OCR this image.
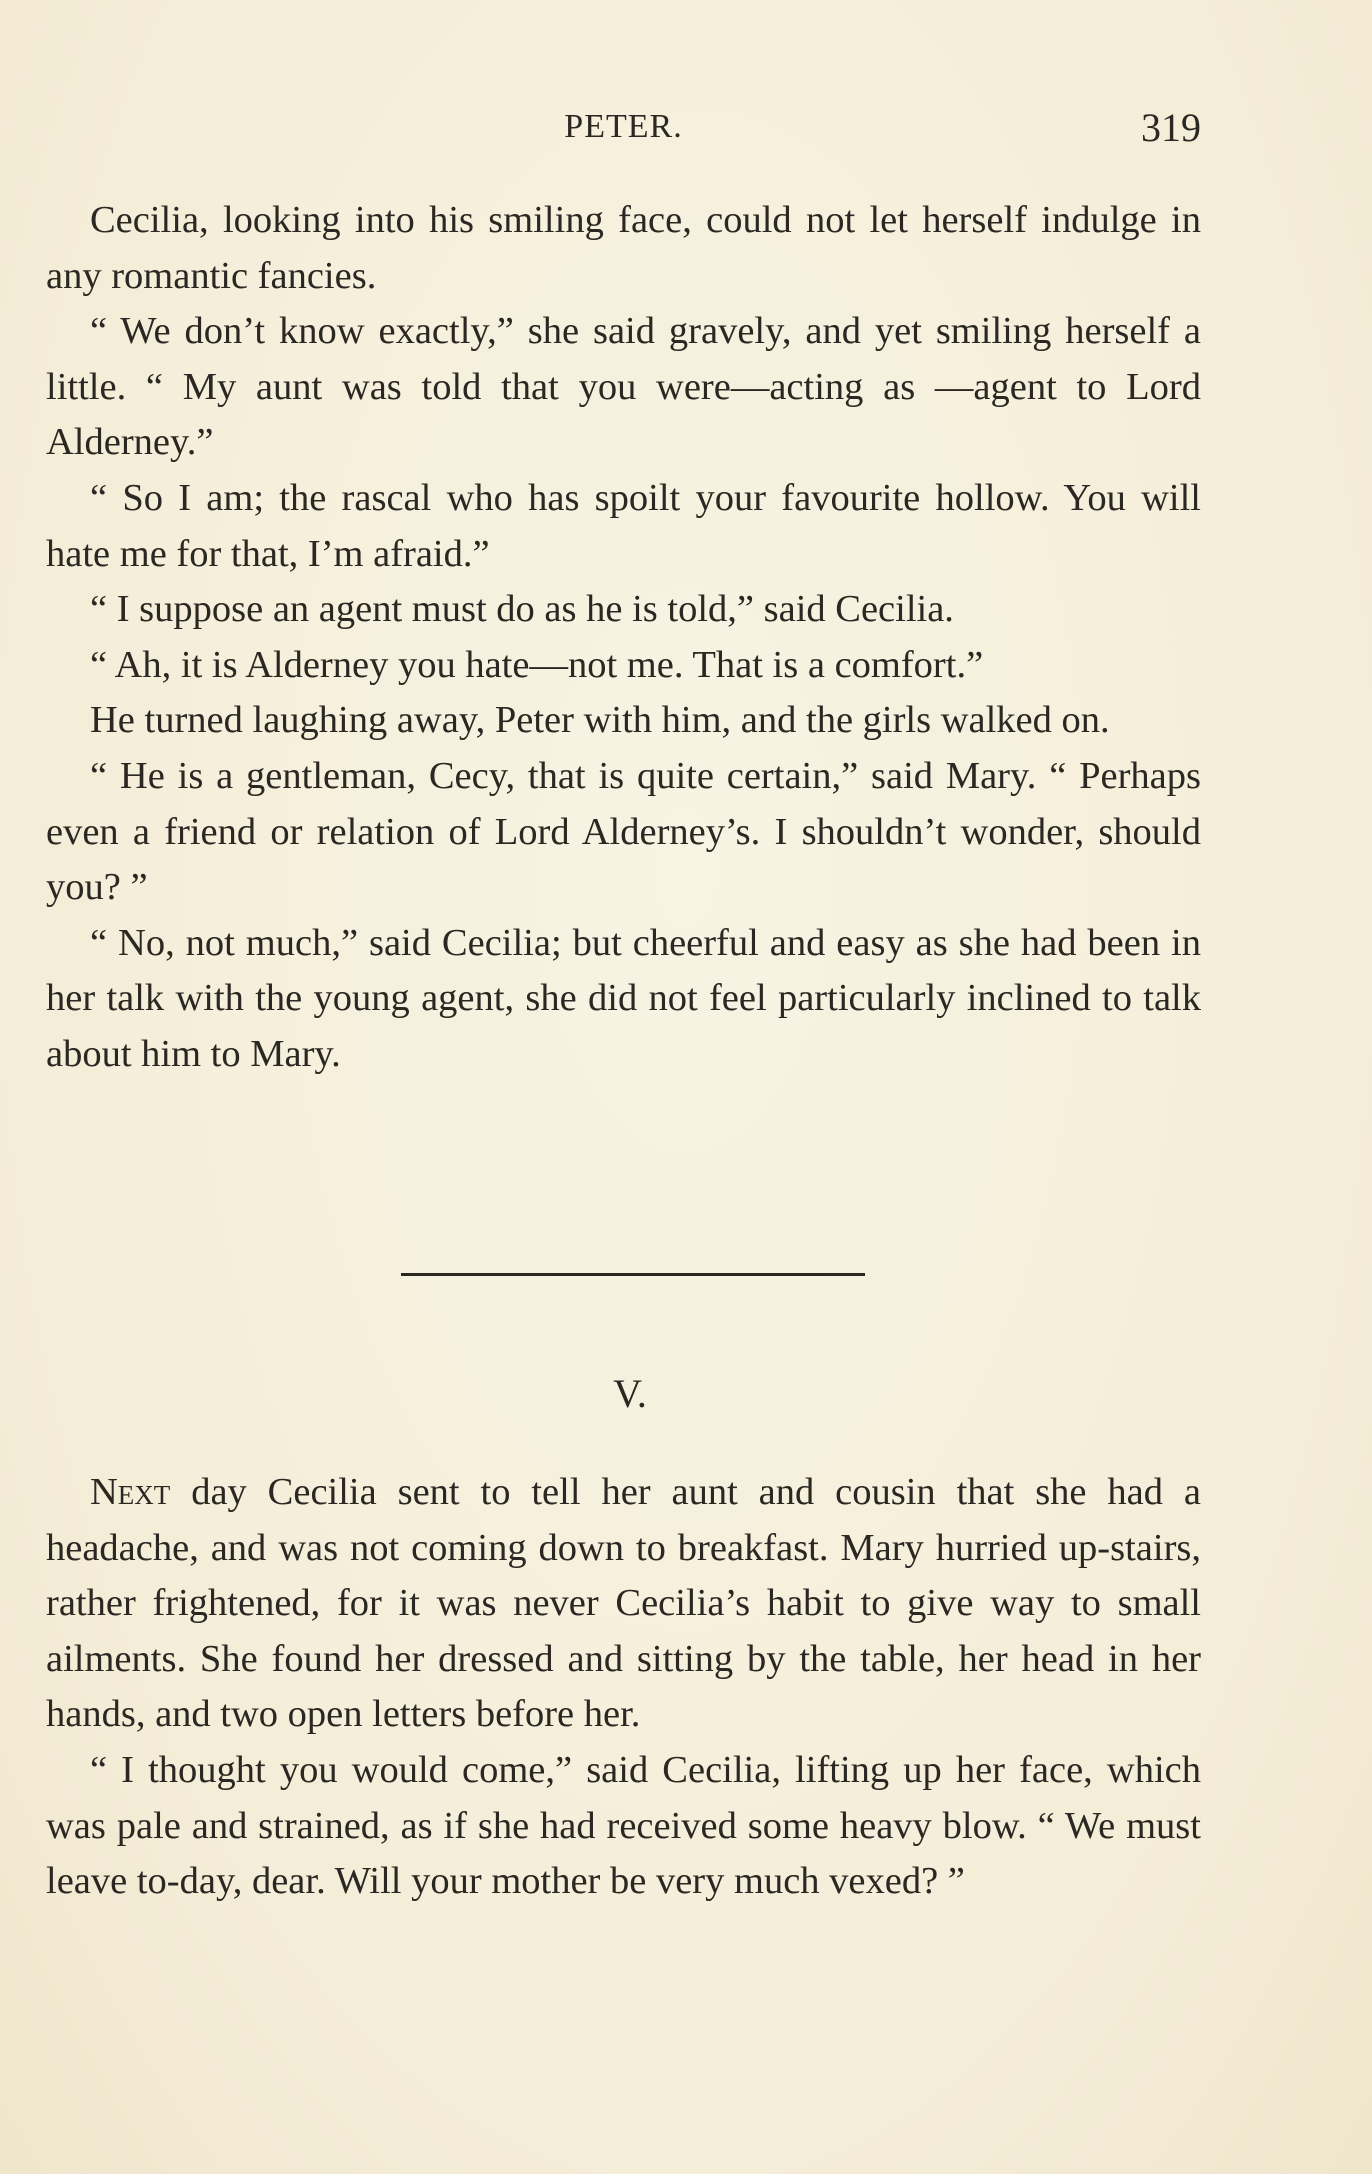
PETER.	319

Cecilia, looking into his smiling face, could not let herself indulge in any romantic fancies.

“ We don’t know exactly,” she said gravely, and yet smiling herself a little. “ My aunt was told that you were—acting as —agent to Lord Alderney.”

“ So I am; the rascal who has spoilt your favourite hollow. You will hate me for that, I’m afraid.”

“ I suppose an agent must do as he is told,” said Cecilia.

“ Ah, it is Alderney you hate—not me. That is a comfort.”

He turned laughing away, Peter with him, and the girls walked on.

“ He is a gentleman, Cecy, that is quite certain,” said Mary. “ Perhaps even a friend or relation of Lord Alderney’s. I shouldn’t wonder, should you? ”

“ No, not much,” said Cecilia; but cheerful and easy as she had been in her talk with the young agent, she did not feel particularly inclined to talk about him to Mary.

V.

Next day Cecilia sent to tell her aunt and cousin that she had a headache, and was not coming down to breakfast. Mary hurried up-stairs, rather frightened, for it was never Cecilia’s habit to give way to small ailments. She found her dressed and sitting by the table, her head in her hands, and two open letters before her.

“ I thought you would come,” said Cecilia, lifting up her face, which was pale and strained, as if she had received some heavy blow. “ We must leave to-day, dear. Will your mother be very much vexed? ”
